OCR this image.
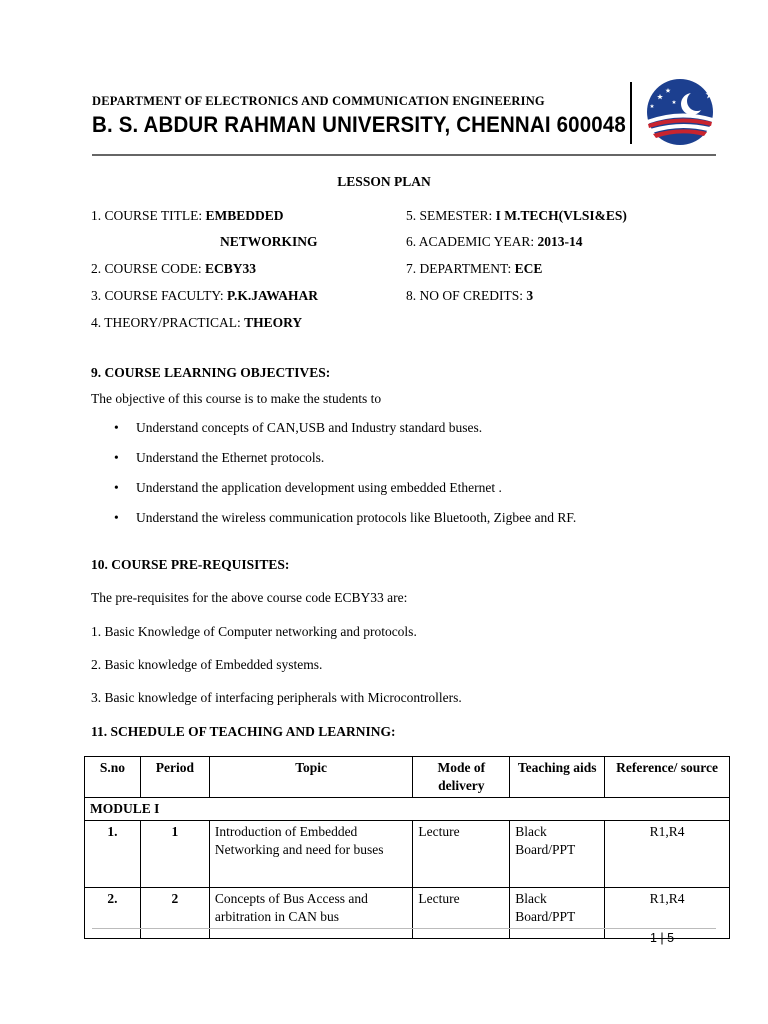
DEPARTMENT OF ELECTRONICS AND COMMUNICATION ENGINEERING
B. S. ABDUR RAHMAN UNIVERSITY, CHENNAI 600048
LESSON PLAN
1. COURSE TITLE: EMBEDDED
NETWORKING
2. COURSE CODE: ECBY33
3. COURSE FACULTY: P.K.JAWAHAR
4. THEORY/PRACTICAL: THEORY
5. SEMESTER: I M.TECH(VLSI&ES)
6. ACADEMIC YEAR: 2013-14
7. DEPARTMENT: ECE
8. NO OF CREDITS: 3
9. COURSE LEARNING OBJECTIVES:
The objective of this course is to make the students to
• Understand concepts of CAN,USB and Industry standard buses.
• Understand the Ethernet protocols.
• Understand the application development using embedded Ethernet .
• Understand the wireless communication protocols like Bluetooth, Zigbee and RF.
10. COURSE PRE-REQUISITES:
The pre-requisites for the above course code ECBY33 are:
1. Basic Knowledge of Computer networking and protocols.
2. Basic knowledge of Embedded systems.
3. Basic knowledge of interfacing peripherals with Microcontrollers.
11. SCHEDULE OF TEACHING AND LEARNING:
S.no	Period	Topic	Mode of delivery	Teaching aids	Reference/ source
MODULE I					
1.	1	Introduction of Embedded Networking and need for buses	Lecture	Black Board/PPT	R1,R4
2.	2	Concepts of Bus Access and arbitration in CAN bus	Lecture	Black Board/PPT	R1,R4
1 | 5
